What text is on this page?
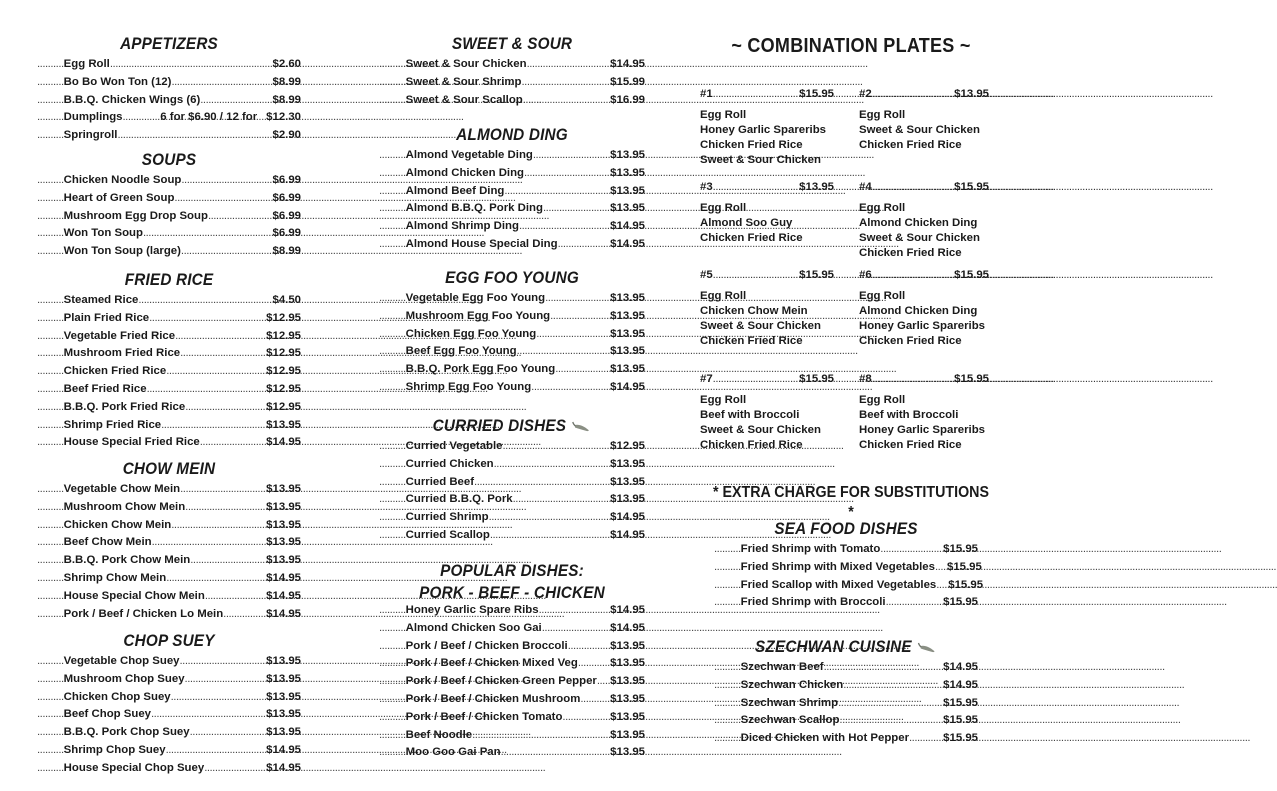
APPETIZERS
.......... Egg Roll .....	$2.60
.......... Bo Bo Won Ton (12) .....	$8.99
.......... B.B.Q. Chicken Wings (6) .....	$8.99
.......... Dumplings .....	6 for $6.90 / 12 for $12.30
.......... Springroll .....	$2.90
SOUPS
.......... Chicken Noodle Soup .....	$6.99
.......... Heart of Green Soup .....	$6.99
.......... Mushroom Egg Drop Soup .....	$6.99
.......... Won Ton Soup .....	$6.99
.......... Won Ton Soup (large) .....	$8.99
FRIED RICE
.......... Steamed Rice .....	$4.50
.......... Plain Fried Rice .....	$12.95
.......... Vegetable Fried Rice .....	$12.95
.......... Mushroom Fried Rice .....	$12.95
.......... Chicken Fried Rice .....	$12.95
.......... Beef Fried Rice .....	$12.95
.......... B.B.Q. Pork Fried Rice .....	$12.95
.......... Shrimp Fried Rice .....	$13.95
.......... House Special Fried Rice .....	$14.95
CHOW MEIN
.......... Vegetable Chow Mein .....	$13.95
.......... Mushroom Chow Mein .....	$13.95
.......... Chicken Chow Mein .....	$13.95
.......... Beef Chow Mein .....	$13.95
.......... B.B.Q. Pork Chow Mein .....	$13.95
.......... Shrimp Chow Mein .....	$14.95
.......... House Special Chow Mein .....	$14.95
.......... Pork / Beef / Chicken Lo Mein .....	$14.95
CHOP SUEY
.......... Vegetable Chop Suey .....	$13.95
.......... Mushroom Chop Suey .....	$13.95
.......... Chicken Chop Suey .....	$13.95
.......... Beef Chop Suey .....	$13.95
.......... B.B.Q. Pork Chop Suey .....	$13.95
.......... Shrimp Chop Suey .....	$14.95
.......... House Special Chop Suey .....	$14.95
SWEET & SOUR
.......... Sweet & Sour Chicken .....	$14.95
.......... Sweet & Sour Shrimp .....	$15.99
.......... Sweet & Sour Scallop .....	$16.99
ALMOND DING
.......... Almond Vegetable Ding .....	$13.95
.......... Almond Chicken Ding .....	$13.95
.......... Almond Beef Ding .....	$13.95
.......... Almond B.B.Q. Pork Ding .....	$13.95
.......... Almond Shrimp Ding .....	$14.95
.......... Almond House Special Ding .....	$14.95
EGG FOO YOUNG
.......... Vegetable Egg Foo Young .....	$13.95
.......... Mushroom Egg Foo Young .....	$13.95
.......... Chicken Egg Foo Young .....	$13.95
.......... Beef Egg Foo Young .....	$13.95
.......... B.B.Q. Pork Egg Foo Young .....	$13.95
.......... Shrimp Egg Foo Young .....	$14.95
CURRIED DISHES
.......... Curried Vegetable .....	$12.95
.......... Curried Chicken .....	$13.95
.......... Curried Beef .....	$13.95
.......... Curried B.B.Q. Pork .....	$13.95
.......... Curried Shrimp .....	$14.95
.......... Curried Scallop .....	$14.95
POPULAR DISHES:
PORK - BEEF - CHICKEN
.......... Honey Garlic Spare Ribs .....	$14.95
.......... Almond Chicken Soo Gai .....	$14.95
.......... Pork / Beef / Chicken Broccoli .....	$13.95
.......... Pork / Beef / Chicken Mixed Veg .....	$13.95
.......... Pork / Beef / Chicken Green Pepper .....	$13.95
.......... Pork / Beef / Chicken Mushroom .....	$13.95
.......... Pork / Beef / Chicken Tomato .....	$13.95
.......... Beef Noodle .....	$13.95
.......... Moo Goo Gai Pan .....	$13.95
~ COMBINATION PLATES ~
#1 .....	$15.95
Egg Roll
Honey Garlic Spareribs
Chicken Fried Rice
Sweet & Sour Chicken
#2 .....	$13.95
Egg Roll
Sweet & Sour Chicken
Chicken Fried Rice
#3 .....	$13.95
Egg Roll
Almond Soo Guy
Chicken Fried Rice
#4 .....	$15.95
Egg Roll
Almond Chicken Ding
Sweet & Sour Chicken
Chicken Fried Rice
#5 .....	$15.95
Egg Roll
Chicken Chow Mein
Sweet & Sour Chicken
Chicken Fried Rice
#6 .....	$15.95
Egg Roll
Almond Chicken Ding
Honey Garlic Spareribs
Chicken Fried Rice
#7 .....	$15.95
Egg Roll
Beef with Broccoli
Sweet & Sour Chicken
Chicken Fried Rice
#8 .....	$15.95
Egg Roll
Beef with Broccoli
Honey Garlic Spareribs
Chicken Fried Rice
* EXTRA CHARGE FOR SUBSTITUTIONS *
SEA FOOD DISHES
.......... Fried Shrimp with Tomato .....	$15.95
.......... Fried Shrimp with Mixed Vegetables .....	$15.95
.......... Fried Scallop with Mixed Vegetables .....	$15.95
.......... Fried Shrimp with Broccoli .....	$15.95
SZECHWAN CUISINE
.......... Szechwan Beef .....	$14.95
.......... Szechwan Chicken .....	$14.95
.......... Szechwan Shrimp .....	$15.95
.......... Szechwan Scallop .....	$15.95
.......... Diced Chicken with Hot Pepper .....	$15.95
